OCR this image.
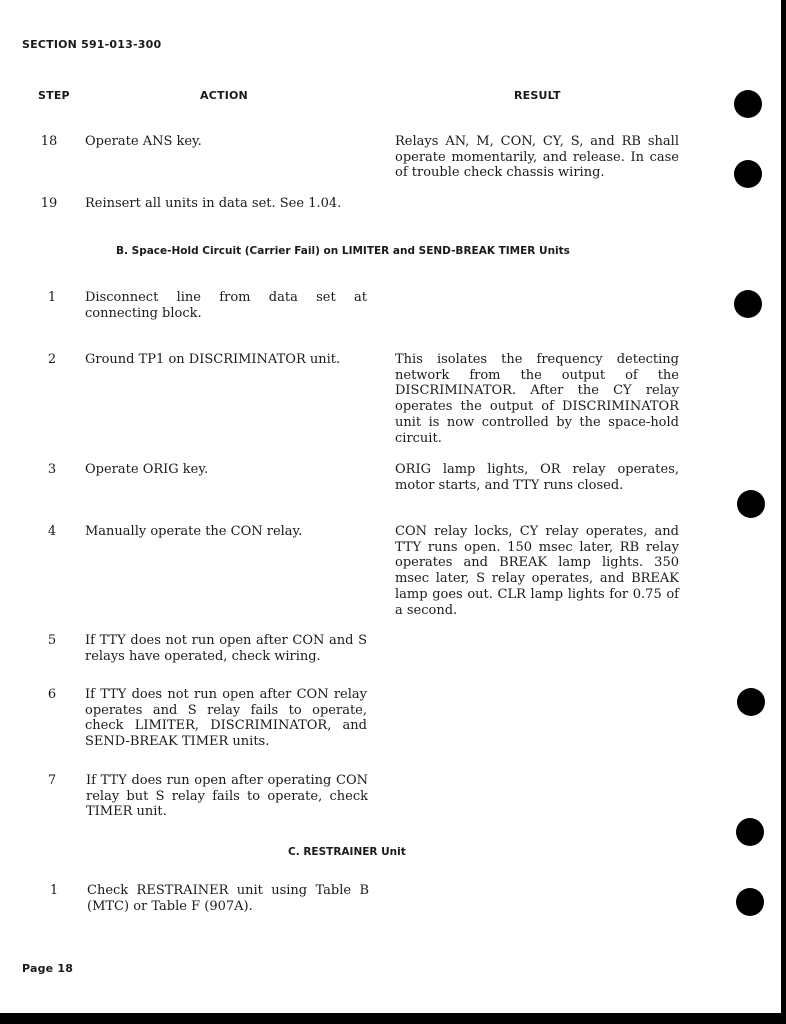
SECTION 591-013-300
STEP	ACTION	RESULT
18 Operate ANS key.	Relays AN, M, CON, CY, S, and RB shall operate momentarily, and release. In case of trouble check chassis wiring.
19 Reinsert all units in data set. See 1.04.
B. Space-Hold Circuit (Carrier Fail) on LIMITER and SEND-BREAK TIMER Units
1	Disconnect line from data set at connecting block.
2	Ground TP1 on DISCRIMINATOR unit.	This isolates the frequency detecting network from the output of the DISCRIMINATOR. After the CY relay operates the output of DISCRIMINATOR unit is now controlled by the space-hold circuit.
3	Operate ORIG key.	ORIG lamp lights, OR relay operates, motor starts, and TTY runs closed.
4	Manually operate the CON relay.	CON relay locks, CY relay operates, and TTY runs open. 150 msec later, RB relay operates and BREAK lamp lights. 350 msec later, S relay operates, and BREAK lamp goes out. CLR lamp lights for 0.75 of a second.
5	If TTY does not run open after CON and S relays have operated, check wiring.
6	If TTY does not run open after CON relay operates and S relay fails to operate, check LIMITER, DISCRIMINATOR, and SEND-BREAK TIMER units.
7	If TTY does run open after operating CON relay but S relay fails to operate, check TIMER unit.
C. RESTRAINER Unit
1	Check RESTRAINER unit using Table B (MTC) or Table F (907A).
Page 18
